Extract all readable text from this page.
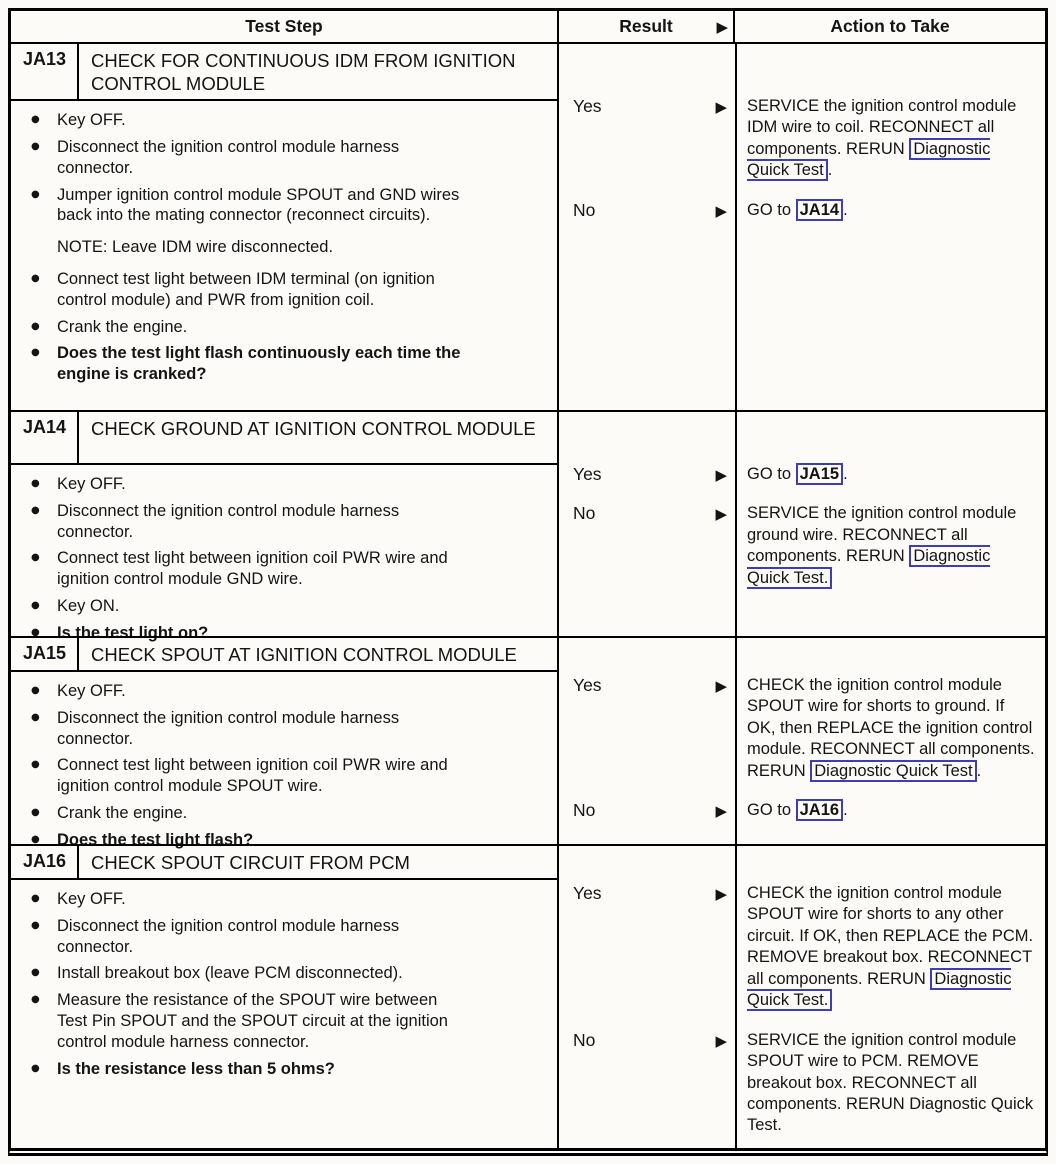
Test Step	Result	▶	Action to Take
JA13	CHECK FOR CONTINUOUS IDM FROM IGNITION CONTROL MODULE
●	Key OFF.
●	Disconnect the ignition control module harness connector.
●	Jumper ignition control module SPOUT and GND wires back into the mating connector (reconnect circuits).
NOTE: Leave IDM wire disconnected.
●	Connect test light between IDM terminal (on ignition control module) and PWR from ignition coil.
●	Crank the engine.
●	Does the test light flash continuously each time the engine is cranked?
Yes	▶	SERVICE the ignition control module IDM wire to coil. RECONNECT all components. RERUN Diagnostic Quick Test .
No	▶	GO to JA14 .
JA14	CHECK GROUND AT IGNITION CONTROL MODULE
●	Key OFF.
●	Disconnect the ignition control module harness connector.
●	Connect test light between ignition coil PWR wire and ignition control module GND wire.
●	Key ON.
●	Is the test light on?
Yes	▶	GO to JA15 .
No	▶	SERVICE the ignition control module ground wire. RECONNECT all components. RERUN Diagnostic Quick Test.
JA15	CHECK SPOUT AT IGNITION CONTROL MODULE
●	Key OFF.
●	Disconnect the ignition control module harness connector.
●	Connect test light between ignition coil PWR wire and ignition control module SPOUT wire.
●	Crank the engine.
●	Does the test light flash?
Yes	▶	CHECK the ignition control module SPOUT wire for shorts to ground. If OK, then REPLACE the ignition control module. RECONNECT all components. RERUN Diagnostic Quick Test .
No	▶	GO to JA16 .
JA16	CHECK SPOUT CIRCUIT FROM PCM
●	Key OFF.
●	Disconnect the ignition control module harness connector.
●	Install breakout box (leave PCM disconnected).
●	Measure the resistance of the SPOUT wire between Test Pin SPOUT and the SPOUT circuit at the ignition control module harness connector.
●	Is the resistance less than 5 ohms?
Yes	▶	CHECK the ignition control module SPOUT wire for shorts to any other circuit. If OK, then REPLACE the PCM. REMOVE breakout box. RECONNECT all components. RERUN Diagnostic Quick Test.
No	▶	SERVICE the ignition control module SPOUT wire to PCM. REMOVE breakout box. RECONNECT all components. RERUN Diagnostic Quick Test.
